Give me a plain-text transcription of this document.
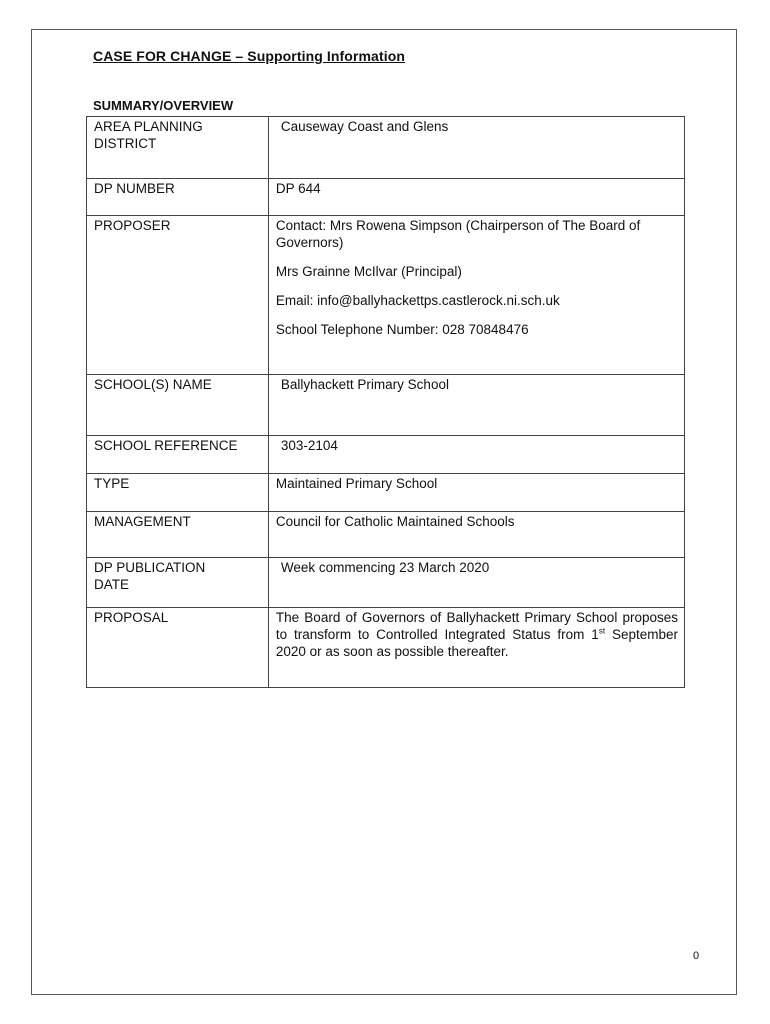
CASE FOR CHANGE – Supporting Information
SUMMARY/OVERVIEW
AREA PLANNING DISTRICT	Causeway Coast and Glens
DP NUMBER	DP 644
PROPOSER	Contact: Mrs Rowena Simpson (Chairperson of The Board of Governors)

Mrs Grainne McIlvar (Principal)

Email: info@ballyhackettps.castlerock.ni.sch.uk

School Telephone Number: 028 70848476

SCHOOL(S) NAME	Ballyhackett Primary School
SCHOOL REFERENCE	303-2104
TYPE	Maintained Primary School
MANAGEMENT	Council for Catholic Maintained Schools
DP PUBLICATION DATE	Week commencing 23 March 2020
PROPOSAL	The Board of Governors of Ballyhackett Primary School proposes to transform to Controlled Integrated Status from 1st September 2020 or as soon as possible thereafter.
0
